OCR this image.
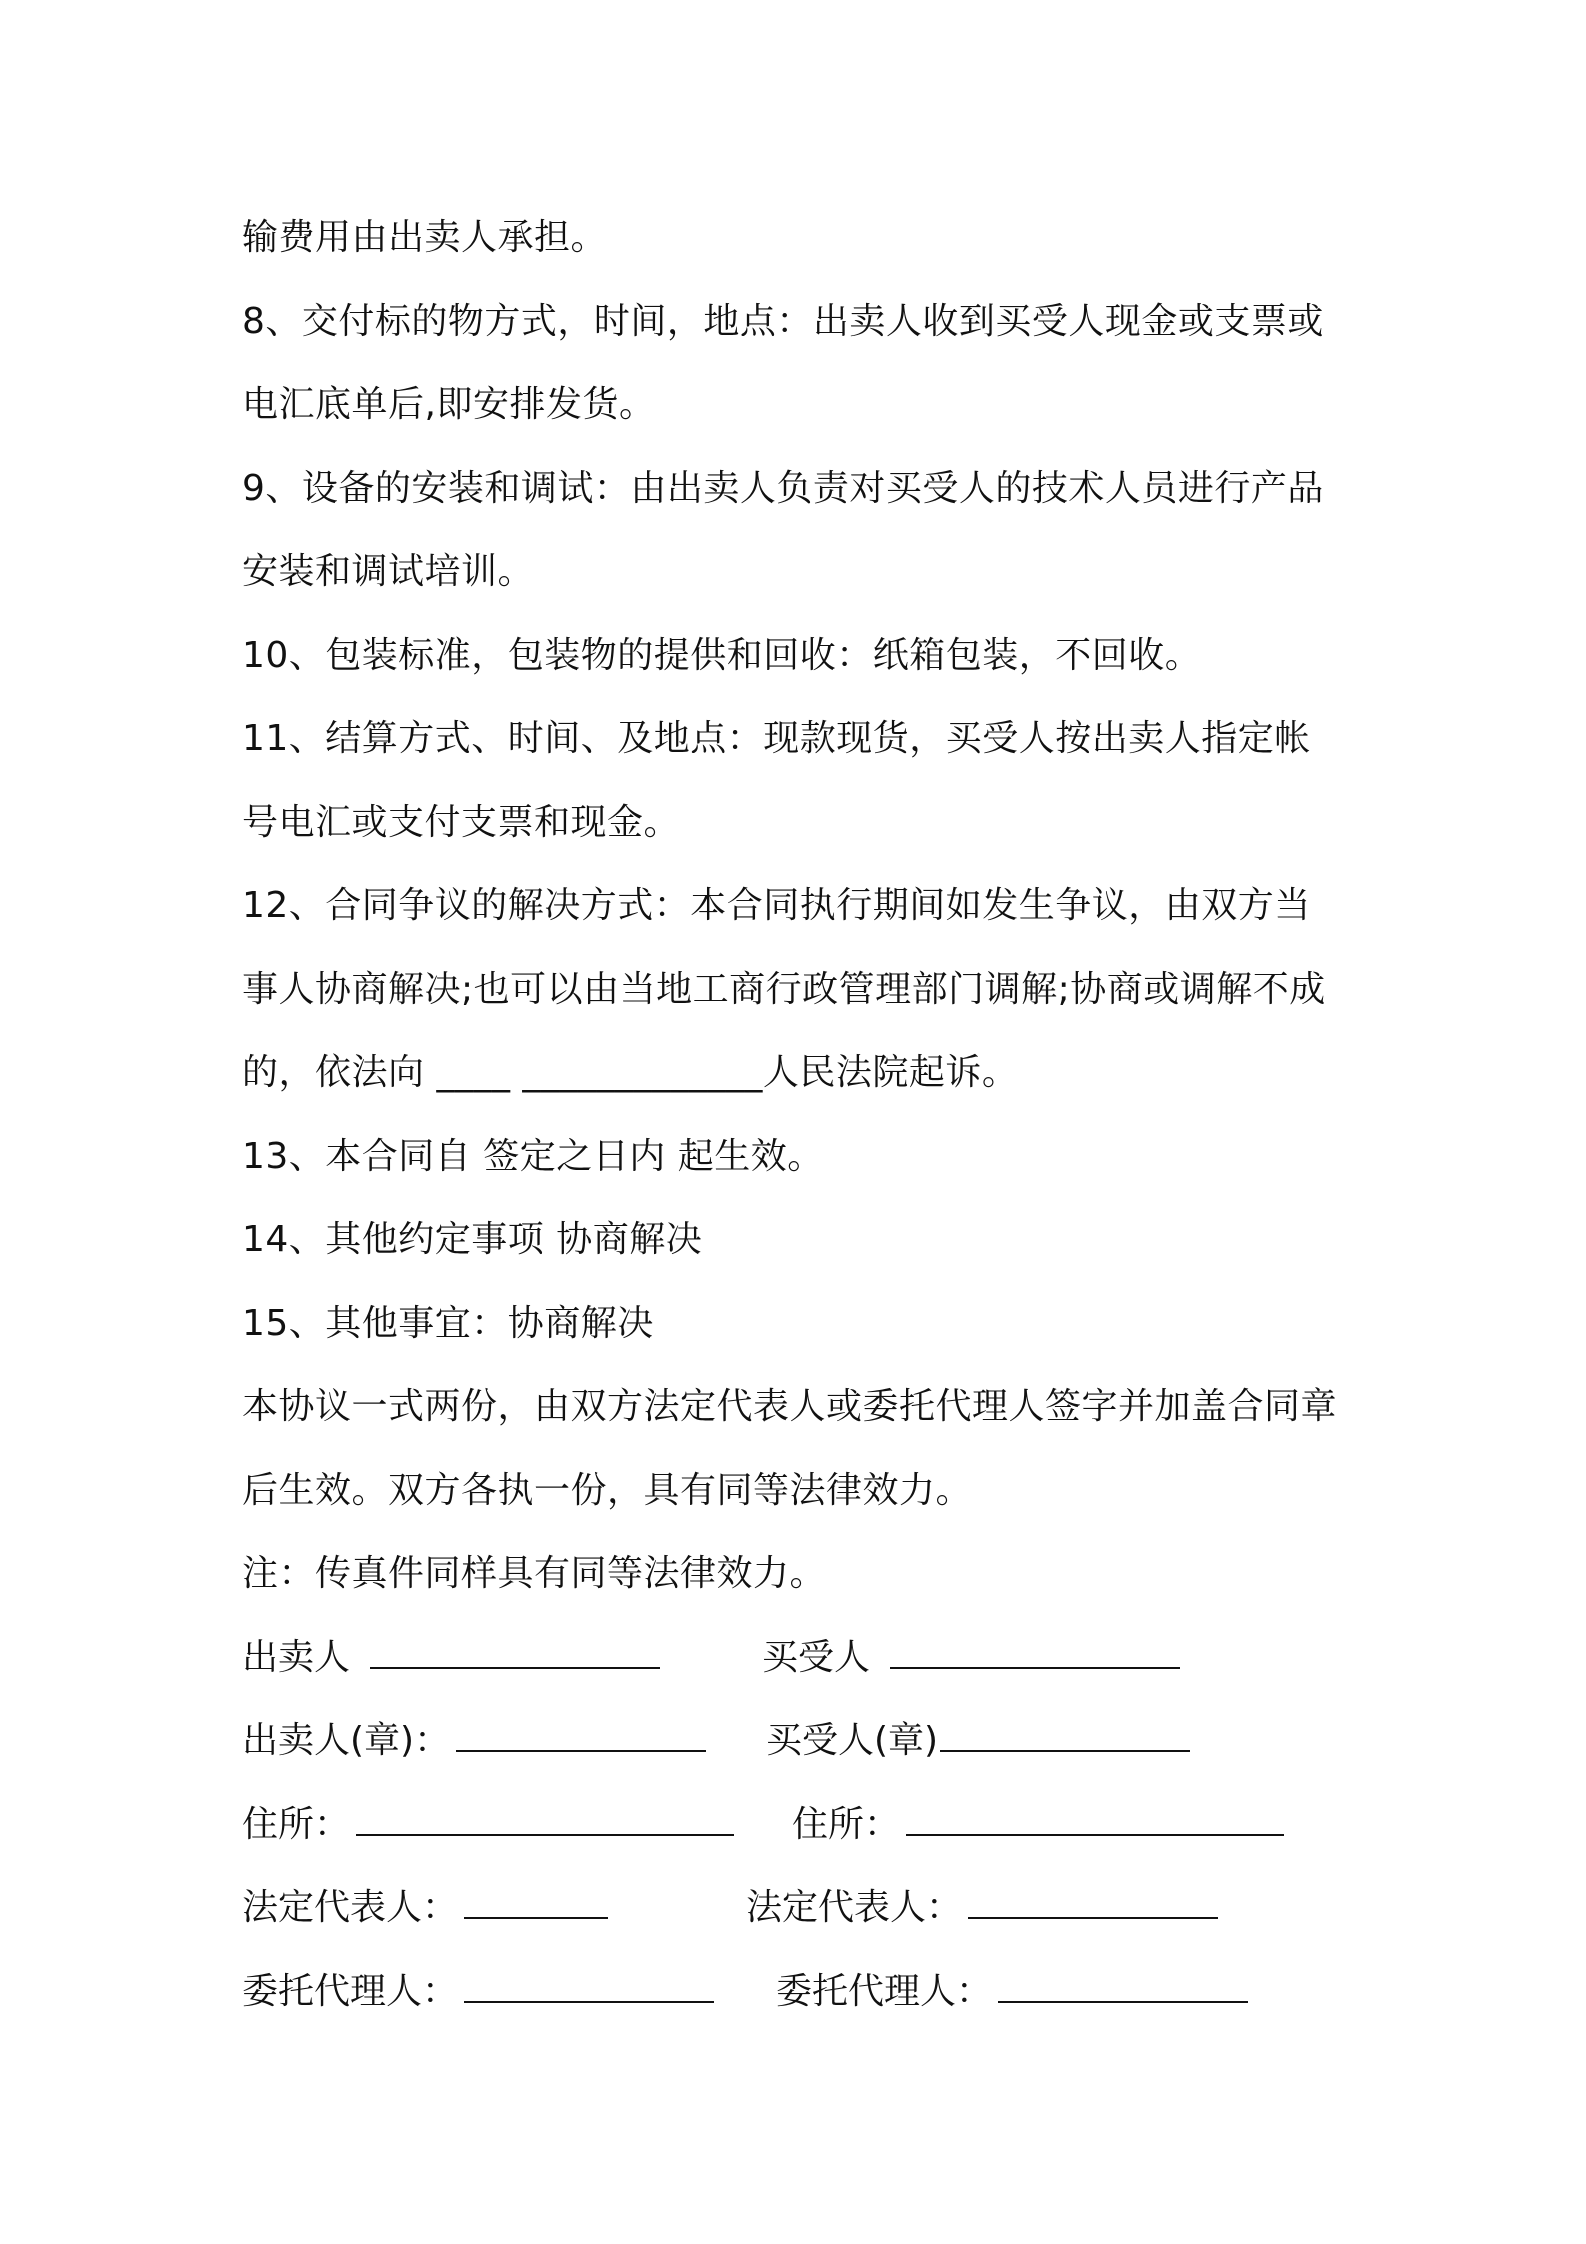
输费用由出卖人承担。
8、交付标的物方式，时间，地点：出卖人收到买受人现金或支票或
电汇底单后,即安排发货。
9、设备的安装和调试：由出卖人负责对买受人的技术人员进行产品
安装和调试培训。
10、包装标准，包装物的提供和回收：纸箱包装，不回收。
11、结算方式、时间、及地点：现款现货，买受人按出卖人指定帐
号电汇或支付支票和现金。
12、合同争议的解决方式：本合同执行期间如发生争议，由双方当
事人协商解决;也可以由当地工商行政管理部门调解;协商或调解不成
的，依法向 ____ _____________人民法院起诉。
13、本合同自 签定之日内 起生效。
14、其他约定事项 协商解决
15、其他事宜：协商解决
本协议一式两份，由双方法定代表人或委托代理人签字并加盖合同章
后生效。双方各执一份，具有同等法律效力。
注：传真件同样具有同等法律效力。
出卖人	买受人
出卖人(章)：	买受人(章)
住所：	住所：
法定代表人：	法定代表人：
委托代理人：	委托代理人：
